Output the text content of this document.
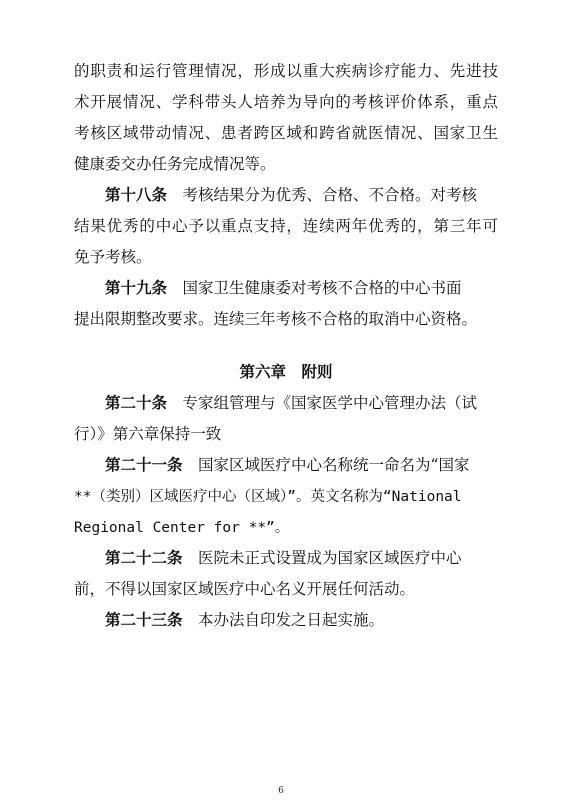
的职责和运行管理情况，形成以重大疾病诊疗能力、先进技
术开展情况、学科带头人培养为导向的考核评价体系，重点
考核区域带动情况、患者跨区域和跨省就医情况、国家卫生
健康委交办任务完成情况等。
第十八条　 考核结果分为优秀、合格、不合格。对考核
结果优秀的中心予以重点支持，连续两年优秀的，第三年可
免予考核。
第十九条　 国家卫生健康委对考核不合格的中心书面
提出限期整改要求。连续三年考核不合格的取消中心资格。
第六章　附则
第二十条　 专家组管理与《国家医学中心管理办法（试
行）》第六章保持一致
第二十一条　 国家区域医疗中心名称统一命名为“国家
**（类别）区域医疗中心（区域）”。英文名称为“National
Regional Center for **”。
第二十二条　 医院未正式设置成为国家区域医疗中心
前，不得以国家区域医疗中心名义开展任何活动。
第二十三条　 本办法自印发之日起实施。
6
